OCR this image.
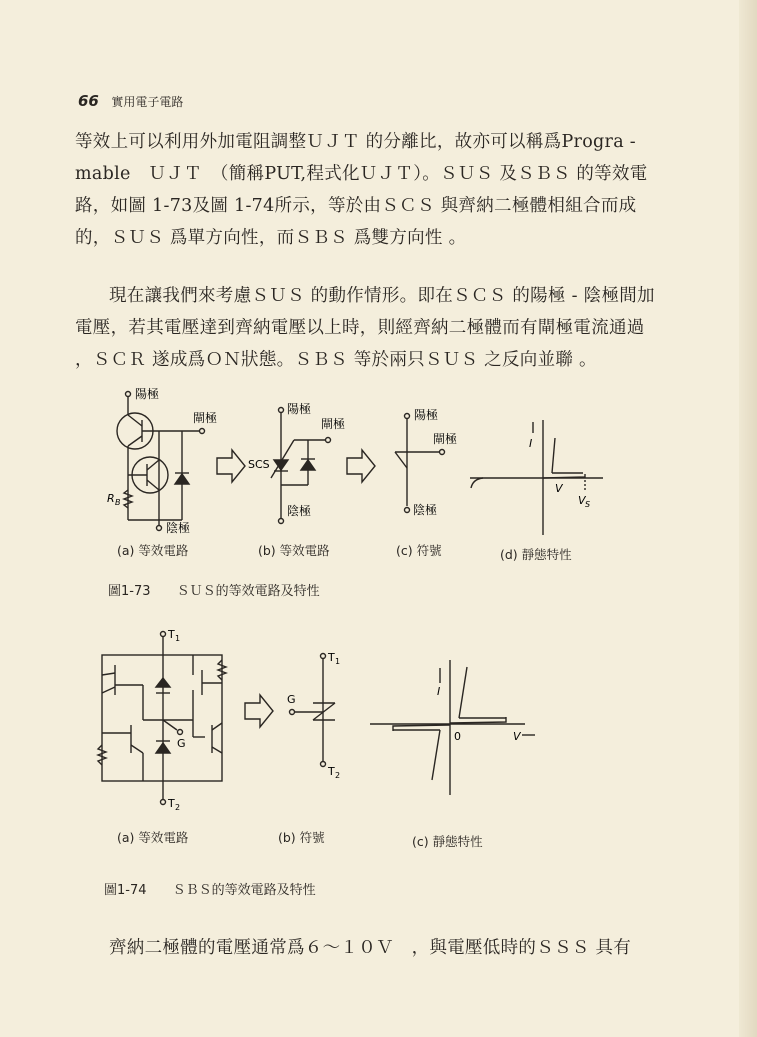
66 實用電子電路

等效上可以利用外加電阻調整ＵＪＴ 的分離比，故亦可以稱爲Progra -

mable　ＵＪＴ　（簡稱PUT,程式化ＵＪＴ）。ＳＵＳ 及ＳＢＳ 的等效電

路，如圖 1-73及圖 1-74所示，等於由ＳＣＳ 與齊納二極體相組合而成

的，ＳＵＳ 爲單方向性，而ＳＢＳ 爲雙方向性 。

現在讓我們來考慮ＳＵＳ 的動作情形。即在ＳＣＳ 的陽極 - 陰極間加

電壓，若其電壓達到齊納電壓以上時，則經齊納二極體而有閘極電流通過

，ＳＣＲ 遂成爲ＯＮ狀態。ＳＢＳ 等於兩只ＳＵＳ 之反向並聯 。

陽極
閘極
陰極
R B
陽極
閘極
SCS
陰極
陽極
閘極
陰極
I
V
V S
(a) 等效電路	(b) 等效電路	(c) 符號	(d) 靜態特性
圖1-73 ＳＵＳ的等效電路及特性
T 1
T 2
G
T 1
T 2
G
I
0	V
(a) 等效電路	(b) 符號	(c) 靜態特性
圖1-74 ＳＢＳ的等效電路及特性

齊納二極體的電壓通常爲６～１０Ｖ　，與電壓低時的ＳＳＳ 具有
